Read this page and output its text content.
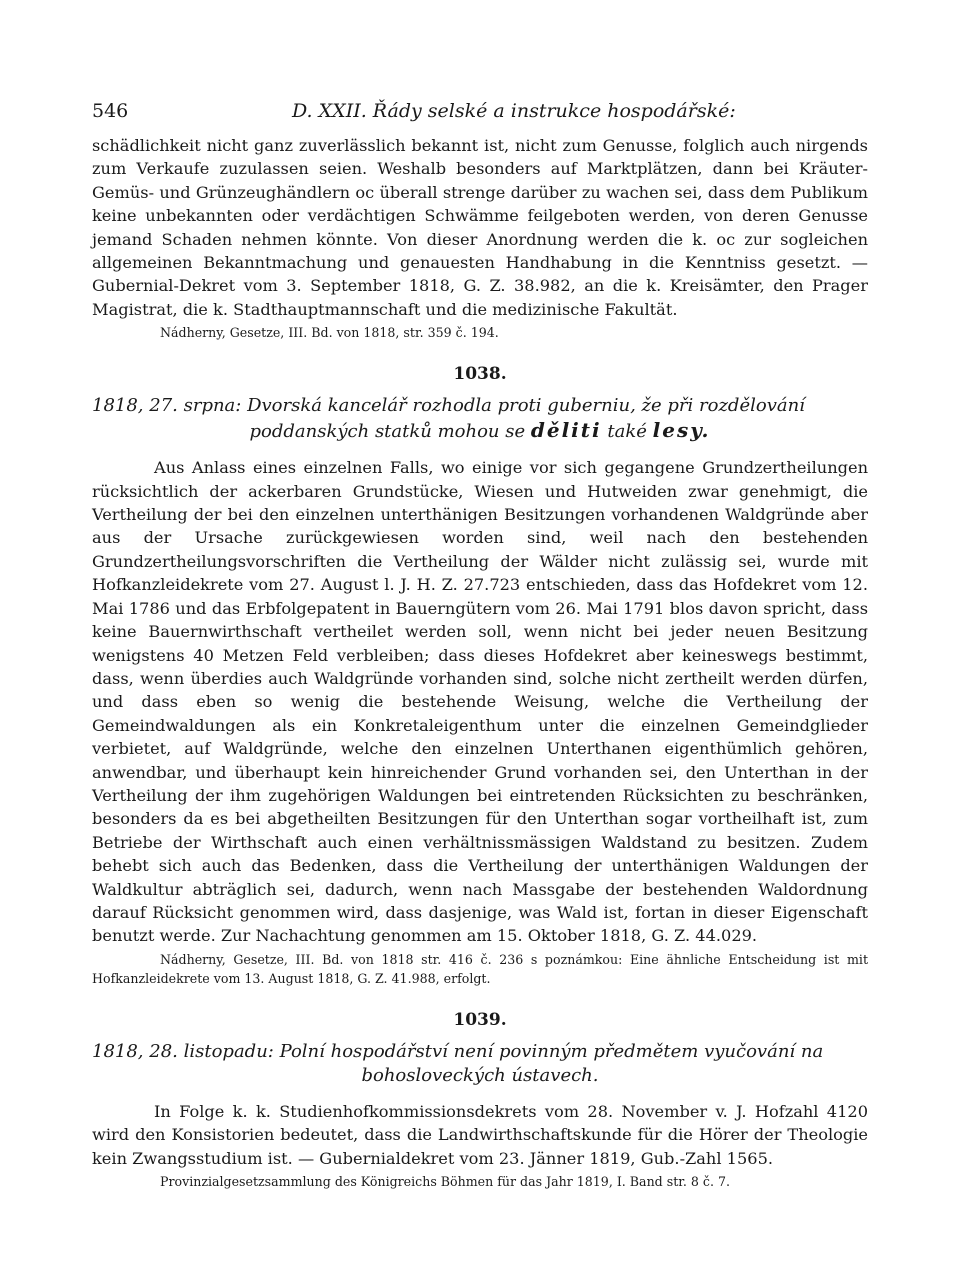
546	D. XXII. Řády selské a instrukce hospodářské:

schädlichkeit nicht ganz zuverlässlich bekannt ist, nicht zum Genusse, folglich auch nirgends zum Verkaufe zuzulassen seien. Weshalb besonders auf Marktplätzen, dann bei Kräuter- Gemüs- und Grünzeughändlern oc überall strenge darüber zu wachen sei, dass dem Publikum keine unbekannten oder verdächtigen Schwämme feilgeboten werden, von deren Genusse jemand Schaden nehmen könnte. Von dieser Anordnung werden die k. oc zur sogleichen allgemeinen Bekanntmachung und genauesten Handhabung in die Kenntniss gesetzt. — Gubernial-Dekret vom 3. September 1818, G. Z. 38.982, an die k. Kreisämter, den Prager Magistrat, die k. Stadthauptmannschaft und die medizinische Fakultät.

Nádherny, Gesetze, III. Bd. von 1818, str. 359 č. 194.

1038.

1818, 27. srpna: Dvorská kancelář rozhodla proti guberniu, že při rozdělování
poddanských statků mohou se děliti také lesy.

Aus Anlass eines einzelnen Falls, wo einige vor sich gegangene Grundzertheilungen rücksichtlich der ackerbaren Grundstücke, Wiesen und Hutweiden zwar genehmigt, die Vertheilung der bei den einzelnen unterthänigen Besitzungen vorhandenen Waldgründe aber aus der Ursache zurückgewiesen worden sind, weil nach den bestehenden Grundzertheilungsvorschriften die Vertheilung der Wälder nicht zulässig sei, wurde mit Hofkanzleidekrete vom 27. August l. J. H. Z. 27.723 entschieden, dass das Hofdekret vom 12. Mai 1786 und das Erbfolgepatent in Bauerngütern vom 26. Mai 1791 blos davon spricht, dass keine Bauernwirthschaft vertheilet werden soll, wenn nicht bei jeder neuen Besitzung wenigstens 40 Metzen Feld verbleiben; dass dieses Hofdekret aber keineswegs bestimmt, dass, wenn überdies auch Waldgründe vorhanden sind, solche nicht zertheilt werden dürfen, und dass eben so wenig die bestehende Weisung, welche die Vertheilung der Gemeindwaldungen als ein Konkretaleigenthum unter die einzelnen Gemeindglieder verbietet, auf Waldgründe, welche den einzelnen Unterthanen eigenthümlich gehören, anwendbar, und überhaupt kein hinreichender Grund vorhanden sei, den Unterthan in der Vertheilung der ihm zugehörigen Waldungen bei eintretenden Rücksichten zu beschränken, besonders da es bei abgetheilten Besitzungen für den Unterthan sogar vortheilhaft ist, zum Betriebe der Wirthschaft auch einen verhältnissmässigen Waldstand zu besitzen. Zudem behebt sich auch das Bedenken, dass die Vertheilung der unterthänigen Waldungen der Waldkultur abträglich sei, dadurch, wenn nach Massgabe der bestehenden Waldordnung darauf Rücksicht genommen wird, dass dasjenige, was Wald ist, fortan in dieser Eigenschaft benutzt werde. Zur Nachachtung genommen am 15. Oktober 1818, G. Z. 44.029.

Nádherny, Gesetze, III. Bd. von 1818 str. 416 č. 236 s poznámkou: Eine ähnliche Entscheidung ist mit Hofkanzleidekrete vom 13. August 1818, G. Z. 41.988, erfolgt.

1039.

1818, 28. listopadu: Polní hospodářství není povinným předmětem vyučování na
bohosloveckých ústavech.

In Folge k. k. Studienhofkommissionsdekrets vom 28. November v. J. Hofzahl 4120 wird den Konsistorien bedeutet, dass die Landwirthschaftskunde für die Hörer der Theologie kein Zwangsstudium ist. — Gubernialdekret vom 23. Jänner 1819, Gub.-Zahl 1565.

Provinzialgesetzsammlung des Königreichs Böhmen für das Jahr 1819, I. Band str. 8 č. 7.
